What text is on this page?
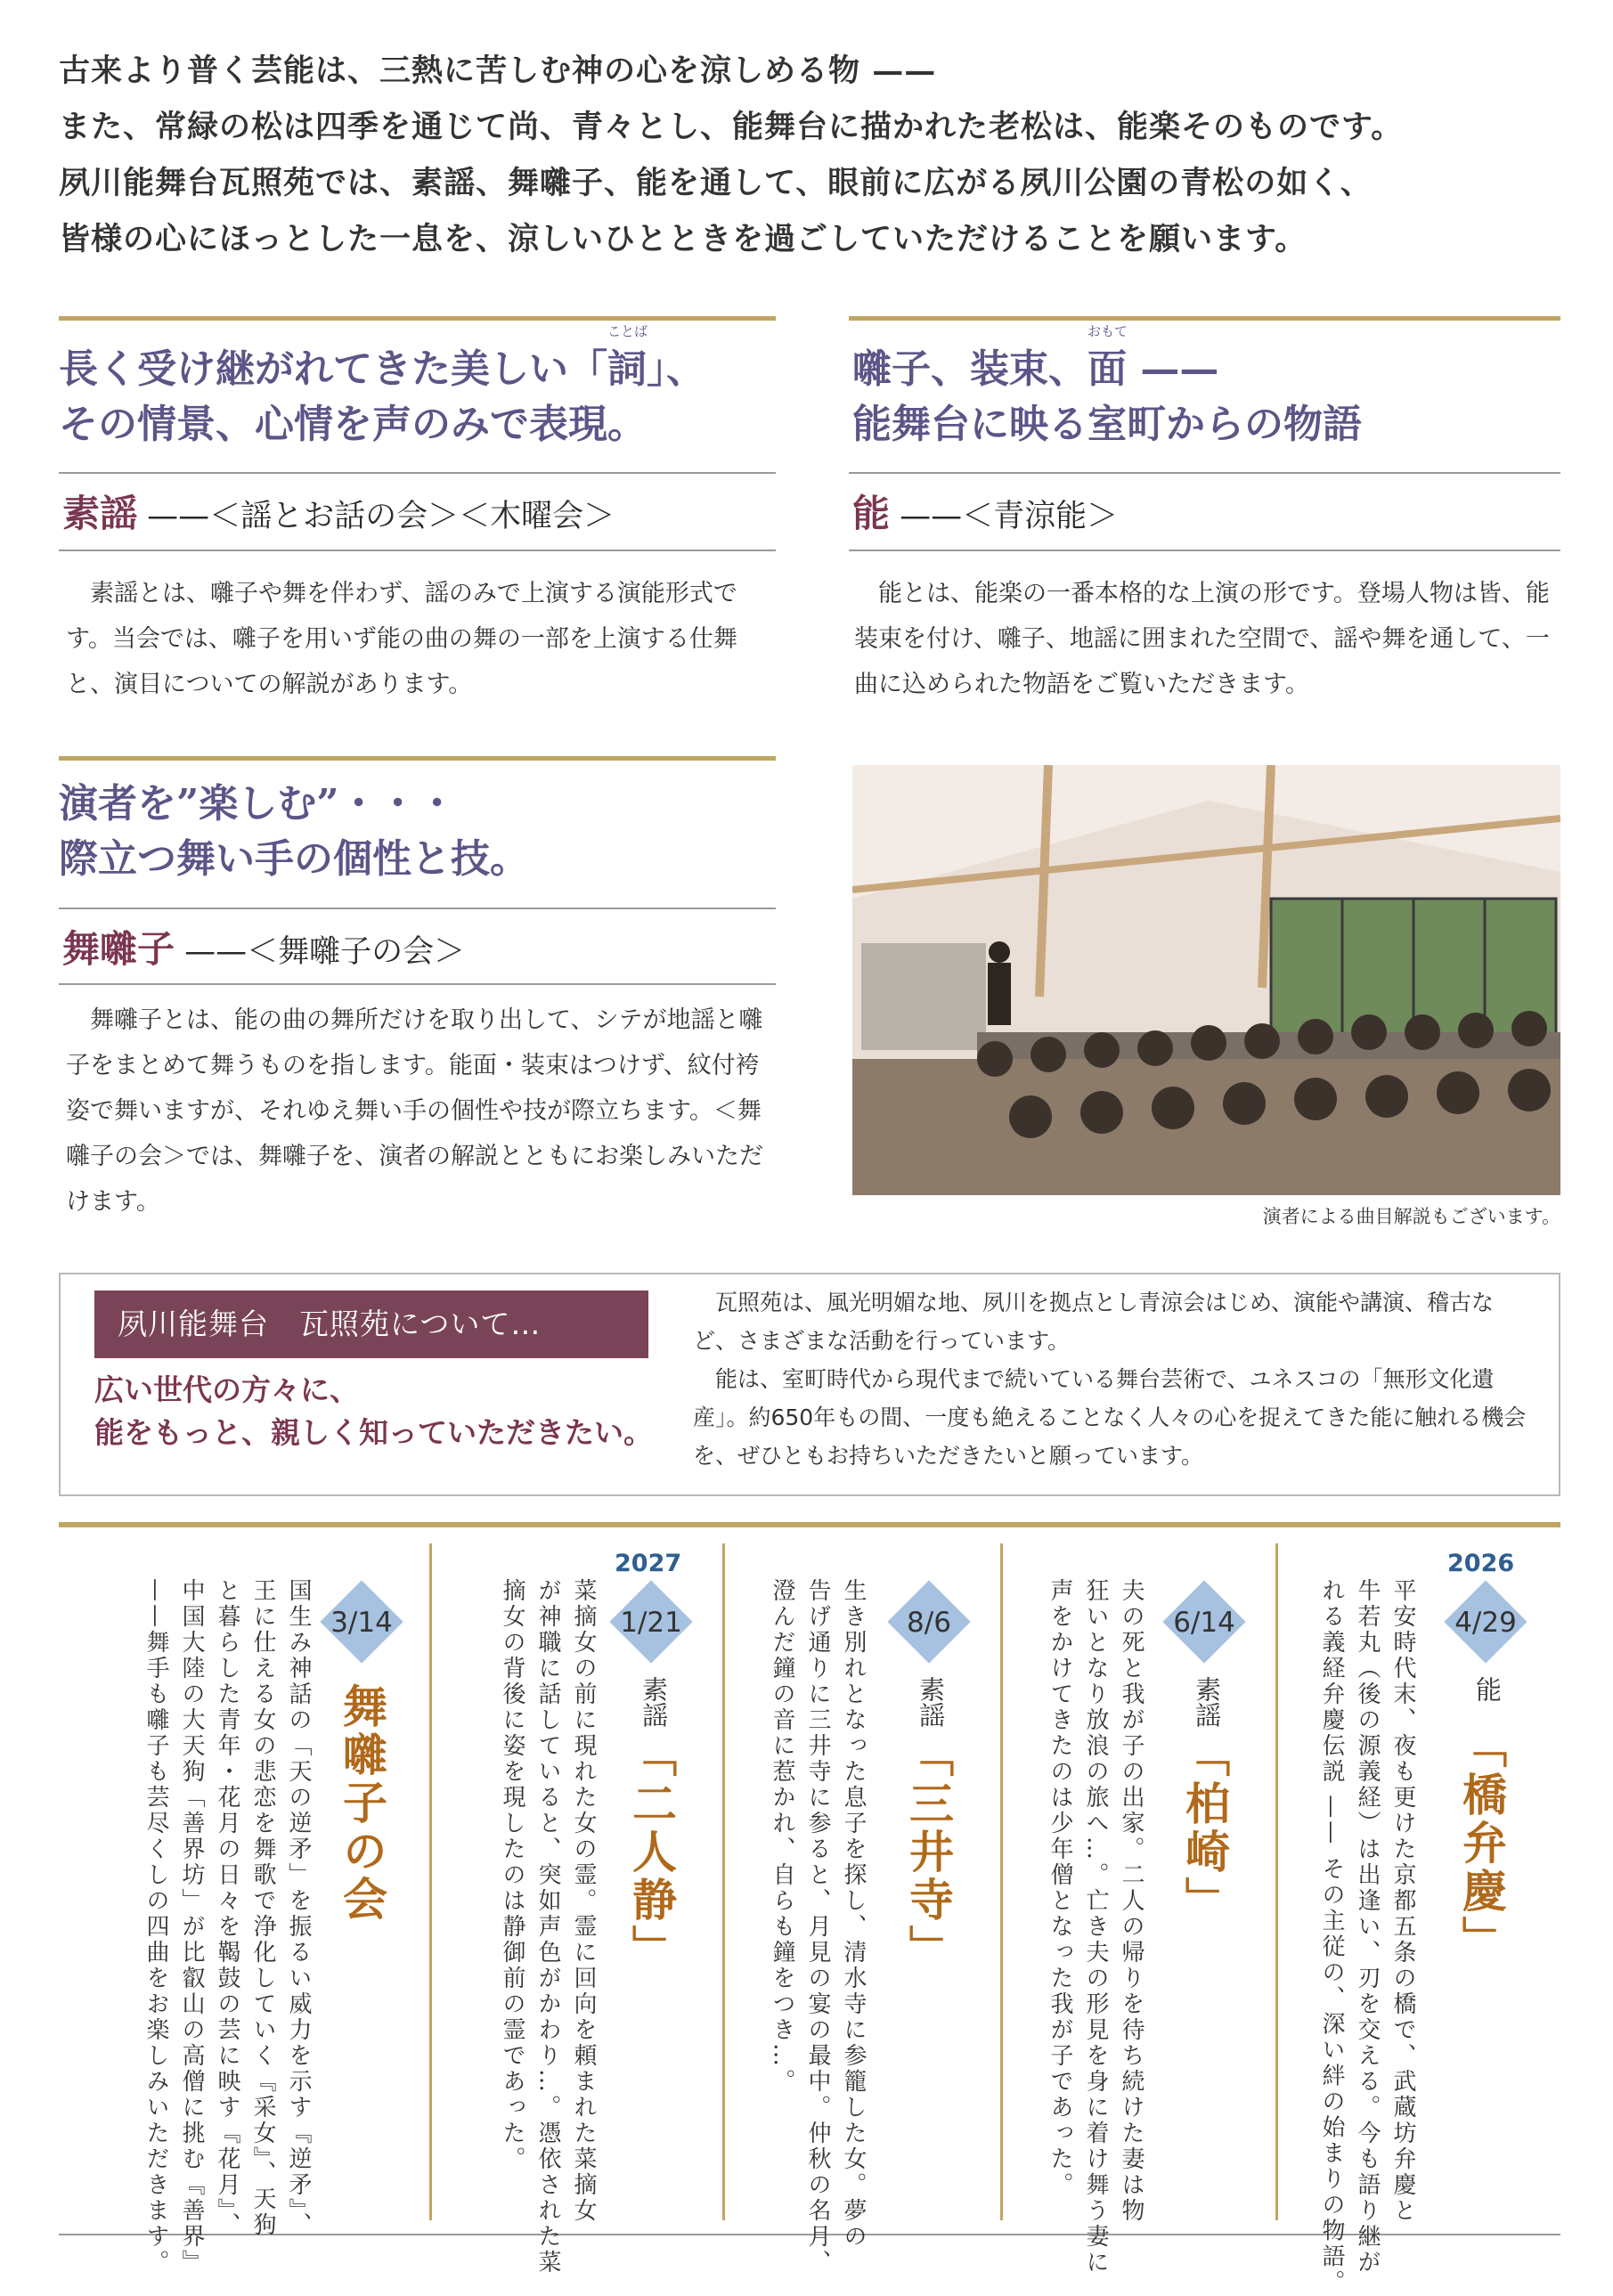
古来より普く芸能は、三熱に苦しむ神の心を涼しめる物 ——

また、常緑の松は四季を通じて尚、青々とし、能舞台に描かれた老松は、能楽そのものです。

夙川能舞台瓦照苑では、素謡、舞囃子、能を通して、眼前に広がる夙川公園の青松の如く、

皆様の心にほっとした一息を、涼しいひとときを過ごしていただけることを願います。

長く受け継がれてきた美しい「
ことば
詞」、
その情景、心情を声のみで表現。
素謡 ——＜謡とお話の会＞＜木曜会＞

素謡とは、囃子や舞を伴わず、謡のみで上演する演能形式です。当会では、囃子を用いず能の曲の舞の一部を上演する仕舞と、演目についての解説があります。

囃子、装束、
おもて
面 ——
能舞台に映る室町からの物語
能 ——＜青涼能＞

能とは、能楽の一番本格的な上演の形です。登場人物は皆、能装束を付け、囃子、地謡に囲まれた空間で、謡や舞を通して、一曲に込められた物語をご覧いただきます。

演者を”楽しむ”・・・
際立つ舞い手の個性と技。
舞囃子 ——＜舞囃子の会＞

舞囃子とは、能の曲の舞所だけを取り出して、シテが地謡と囃子をまとめて舞うものを指します。能面・装束はつけず、紋付袴姿で舞いますが、それゆえ舞い手の個性や技が際立ちます。＜舞囃子の会＞では、舞囃子を、演者の解説とともにお楽しみいただけます。

演者による曲目解説もございます。
夙川能舞台　瓦照苑について…
広い世代の方々に、
能をもっと、親しく知っていただきたい。

瓦照苑は、風光明媚な地、夙川を拠点とし青涼会はじめ、演能や講演、稽古など、さまざまな活動を行っています。

能は、室町時代から現代まで続いている舞台芸術で、ユネスコの「無形文化遺産」。約650年もの間、一度も絶えることなく人々の心を捉えてきた能に触れる機会を、ぜひともお持ちいただきたいと願っています。

2026
4/29
能
「橋弁慶」
平安時代末、夜も更けた京都五条の橋で、武蔵坊弁慶と
牛若丸（後の源義経）は出逢い、刃を交える。今も語り継が
れる義経弁慶伝説 —— その主従の、深い絆の始まりの物語。
6/14
素謡
「柏崎」
夫の死と我が子の出家。二人の帰りを待ち続けた妻は物
狂いとなり放浪の旅へ…。亡き夫の形見を身に着け舞う妻に
声をかけてきたのは少年僧となった我が子であった。
8/6
素謡
「三井寺」
生き別れとなった息子を探し、清水寺に参籠した女。夢の
告げ通りに三井寺に参ると、月見の宴の最中。仲秋の名月、
澄んだ鐘の音に惹かれ、自らも鐘をつき…。
2027
1/21
素謡
「二人静」
菜摘女の前に現れた女の霊。霊に回向を頼まれた菜摘女
が神職に話していると、突如声色がかわり…。憑依された菜
摘女の背後に姿を現したのは静御前の霊であった。
3/14
舞囃子の会
国生み神話の「天の逆矛」を振るい威力を示す『逆矛』、
王に仕える女の悲恋を舞歌で浄化していく『采女』、天狗
と暮らした青年・花月の日々を鞨鼓の芸に映す『花月』、
中国大陸の大天狗「善界坊」が比叡山の高僧に挑む『善界』
——舞手も囃子も芸尽くしの四曲をお楽しみいただきます。
